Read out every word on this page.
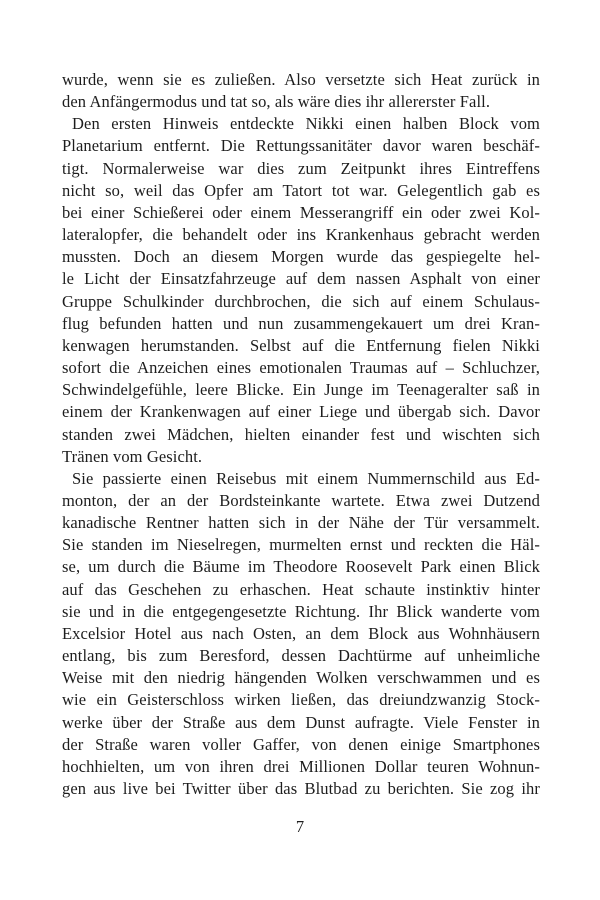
wurde, wenn sie es zuließen. Also versetzte sich Heat zurück in
den Anfängermodus und tat so, als wäre dies ihr allererster Fall.
Den ersten Hinweis entdeckte Nikki einen halben Block vom
Planetarium entfernt. Die Rettungssanitäter davor waren beschäf-
tigt. Normalerweise war dies zum Zeitpunkt ihres Eintreffens
nicht so, weil das Opfer am Tatort tot war. Gelegentlich gab es
bei einer Schießerei oder einem Messerangriff ein oder zwei Kol-
lateralopfer, die behandelt oder ins Krankenhaus gebracht werden
mussten. Doch an diesem Morgen wurde das gespiegelte hel-
le Licht der Einsatzfahrzeuge auf dem nassen Asphalt von einer
Gruppe Schulkinder durchbrochen, die sich auf einem Schulaus-
flug befunden hatten und nun zusammengekauert um drei Kran-
kenwagen herumstanden. Selbst auf die Entfernung fielen Nikki
sofort die Anzeichen eines emotionalen Traumas auf – Schluchzer,
Schwindelgefühle, leere Blicke. Ein Junge im Teenageralter saß in
einem der Krankenwagen auf einer Liege und übergab sich. Davor
standen zwei Mädchen, hielten einander fest und wischten sich
Tränen vom Gesicht.
Sie passierte einen Reisebus mit einem Nummernschild aus Ed-
monton, der an der Bordsteinkante wartete. Etwa zwei Dutzend
kanadische Rentner hatten sich in der Nähe der Tür versammelt.
Sie standen im Nieselregen, murmelten ernst und reckten die Häl-
se, um durch die Bäume im Theodore Roosevelt Park einen Blick
auf das Geschehen zu erhaschen. Heat schaute instinktiv hinter
sie und in die entgegengesetzte Richtung. Ihr Blick wanderte vom
Excelsior Hotel aus nach Osten, an dem Block aus Wohnhäusern
entlang, bis zum Beresford, dessen Dachtürme auf unheimliche
Weise mit den niedrig hängenden Wolken verschwammen und es
wie ein Geisterschloss wirken ließen, das dreiundzwanzig Stock-
werke über der Straße aus dem Dunst aufragte. Viele Fenster in
der Straße waren voller Gaffer, von denen einige Smartphones
hochhielten, um von ihren drei Millionen Dollar teuren Wohnun-
gen aus live bei Twitter über das Blutbad zu berichten. Sie zog ihr
7
